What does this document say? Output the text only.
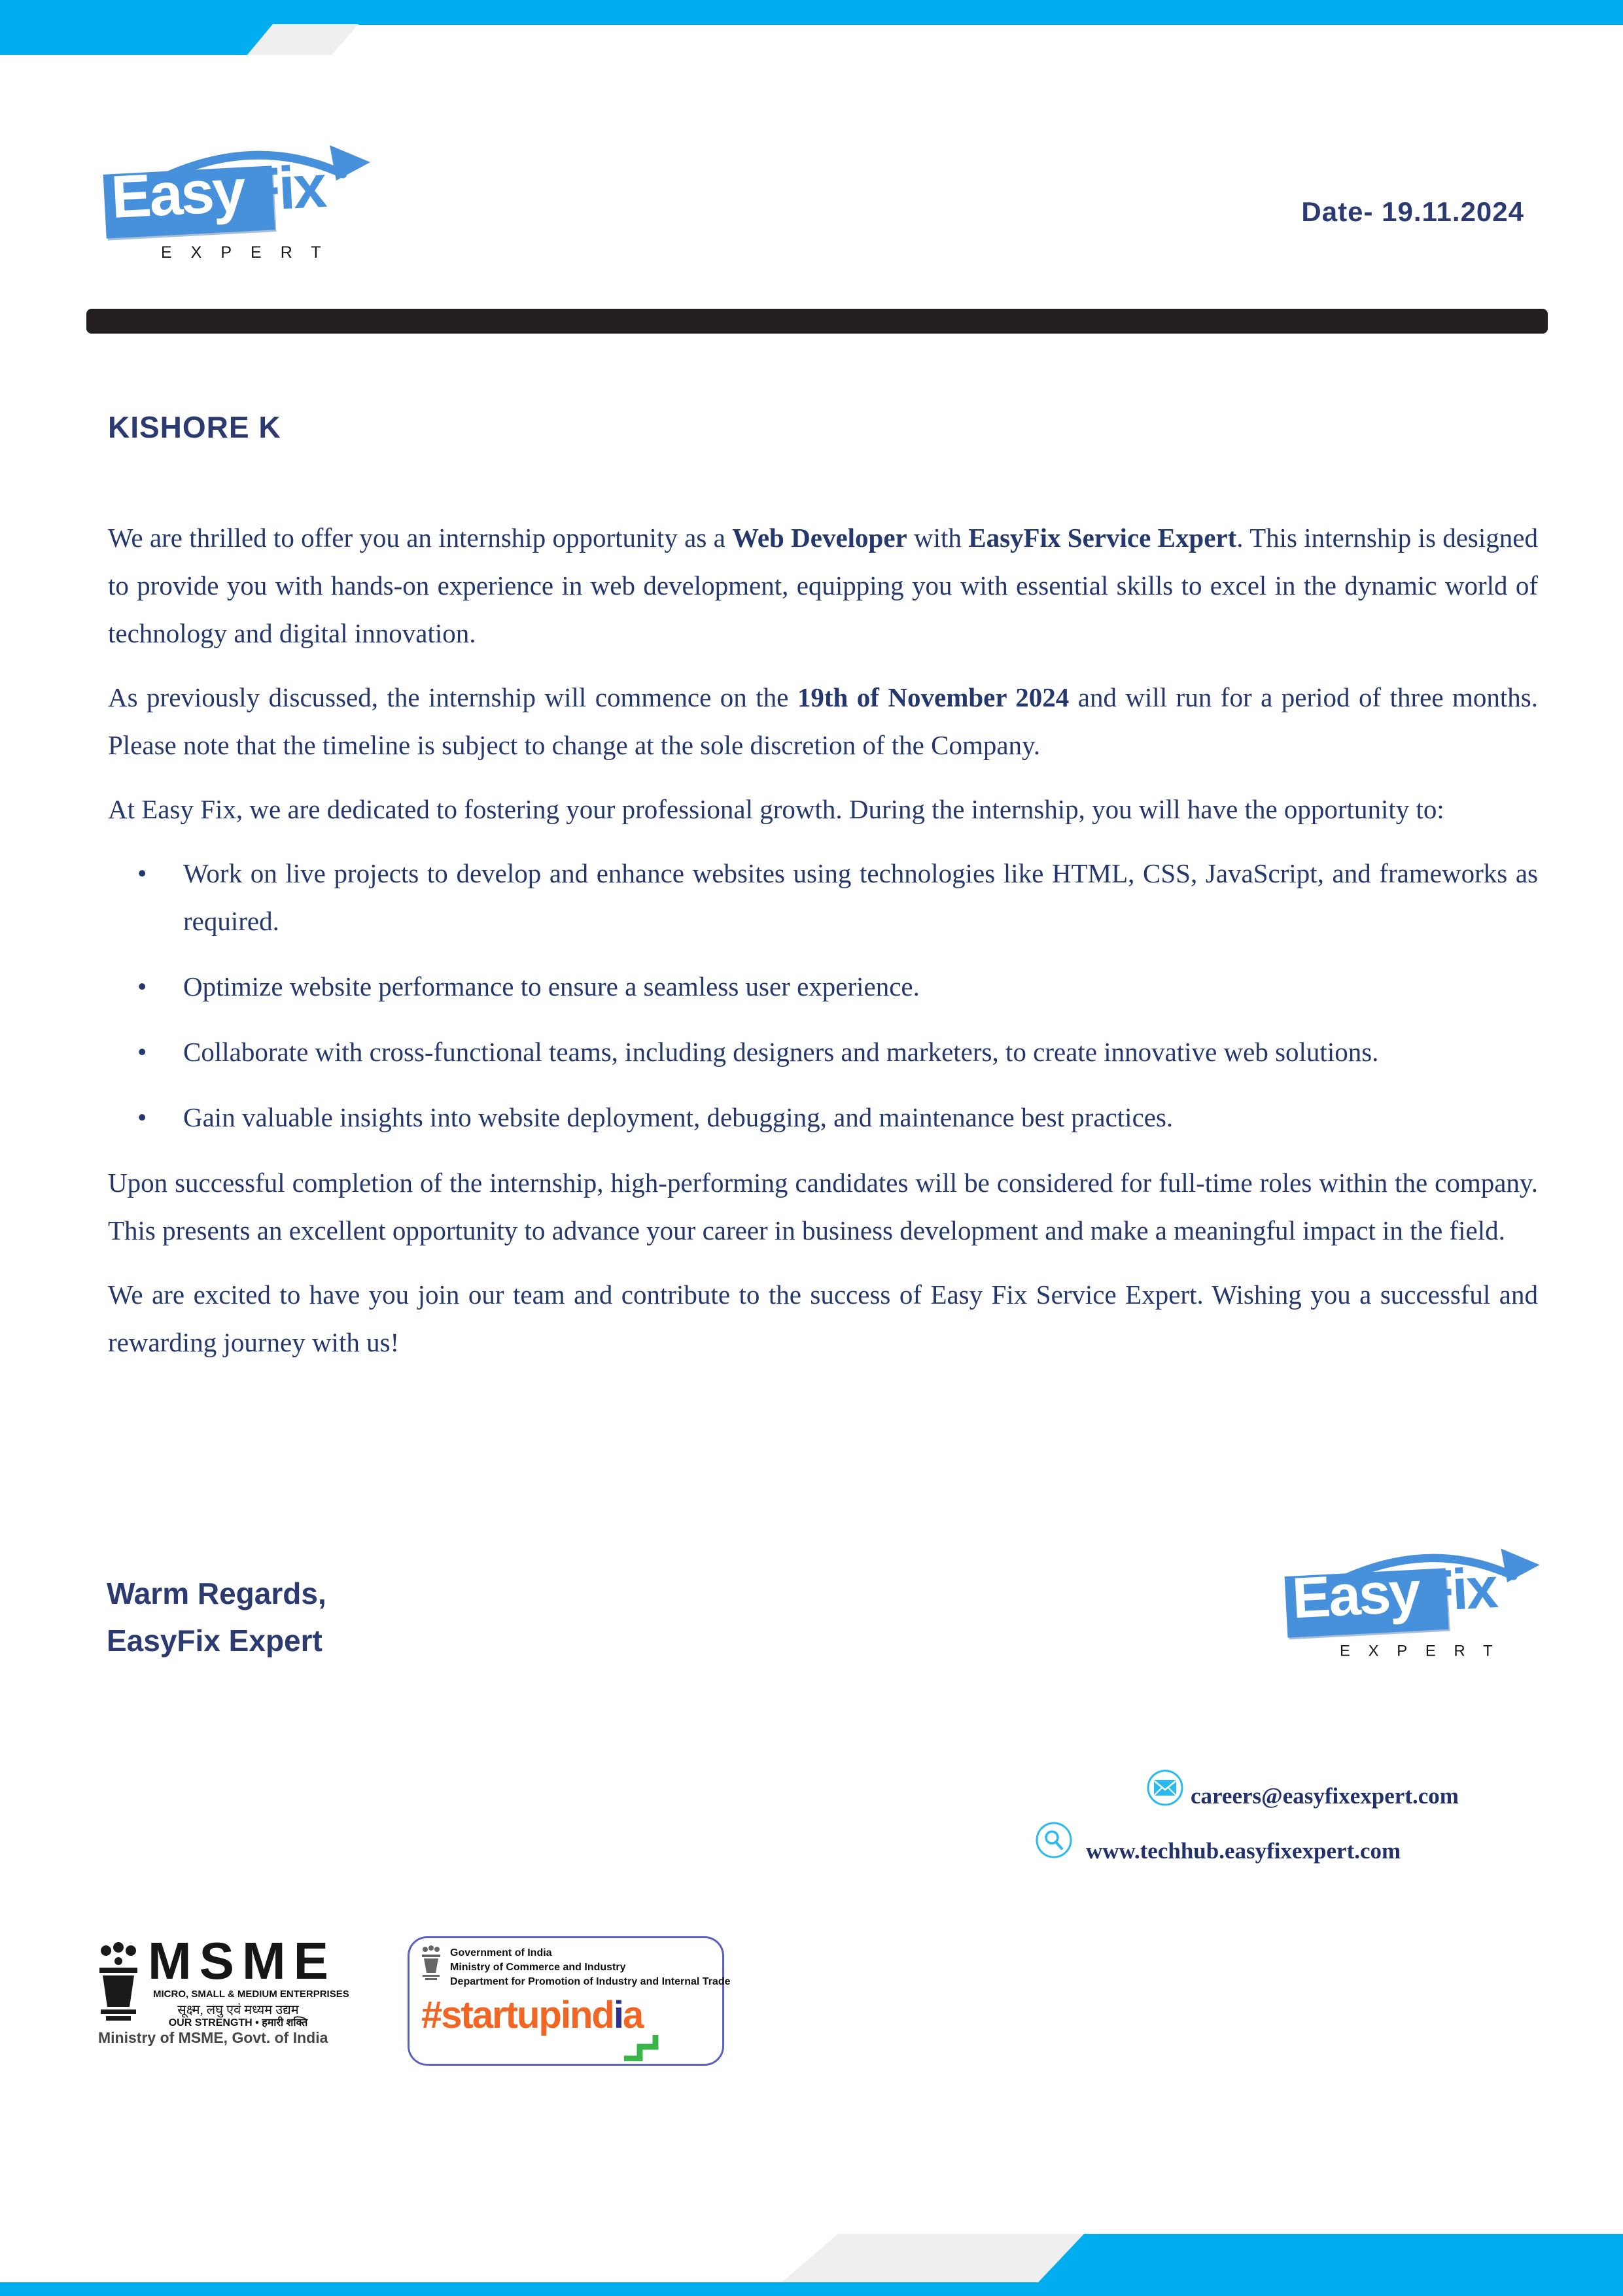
EasyFix
EXPERT
Date- 19.11.2024
KISHORE K

We are thrilled to offer you an internship opportunity as a Web Developer with EasyFix Service Expert. This internship is designed to provide you with hands-on experience in web development, equipping you with essential skills to excel in the dynamic world of technology and digital innovation.

As previously discussed, the internship will commence on the 19th of November 2024 and will run for a period of three months. Please note that the timeline is subject to change at the sole discretion of the Company.

At Easy Fix, we are dedicated to fostering your professional growth. During the internship, you will have the opportunity to:

• Work on live projects to develop and enhance websites using technologies like HTML, CSS, JavaScript, and frameworks as required.
• Optimize website performance to ensure a seamless user experience.
• Collaborate with cross-functional teams, including designers and marketers, to create innovative web solutions.
• Gain valuable insights into website deployment, debugging, and maintenance best practices.

Upon successful completion of the internship, high-performing candidates will be considered for full-time roles within the company. This presents an excellent opportunity to advance your career in business development and make a meaningful impact in the field.

We are excited to have you join our team and contribute to the success of Easy Fix Service Expert. Wishing you a successful and rewarding journey with us!

Warm Regards,
EasyFix Expert
EasyFix
EXPERT
careers@easyfixexpert.com
www.techhub.easyfixexpert.com
MSME
MICRO, SMALL & MEDIUM ENTERPRISES
सूक्ष्म, लघु एवं मध्यम उद्यम
OUR STRENGTH • हमारी शक्ति
Ministry of MSME, Govt. of India
Government of India
Ministry of Commerce and Industry
Department for Promotion of Industry and Internal Trade
#startupindia
